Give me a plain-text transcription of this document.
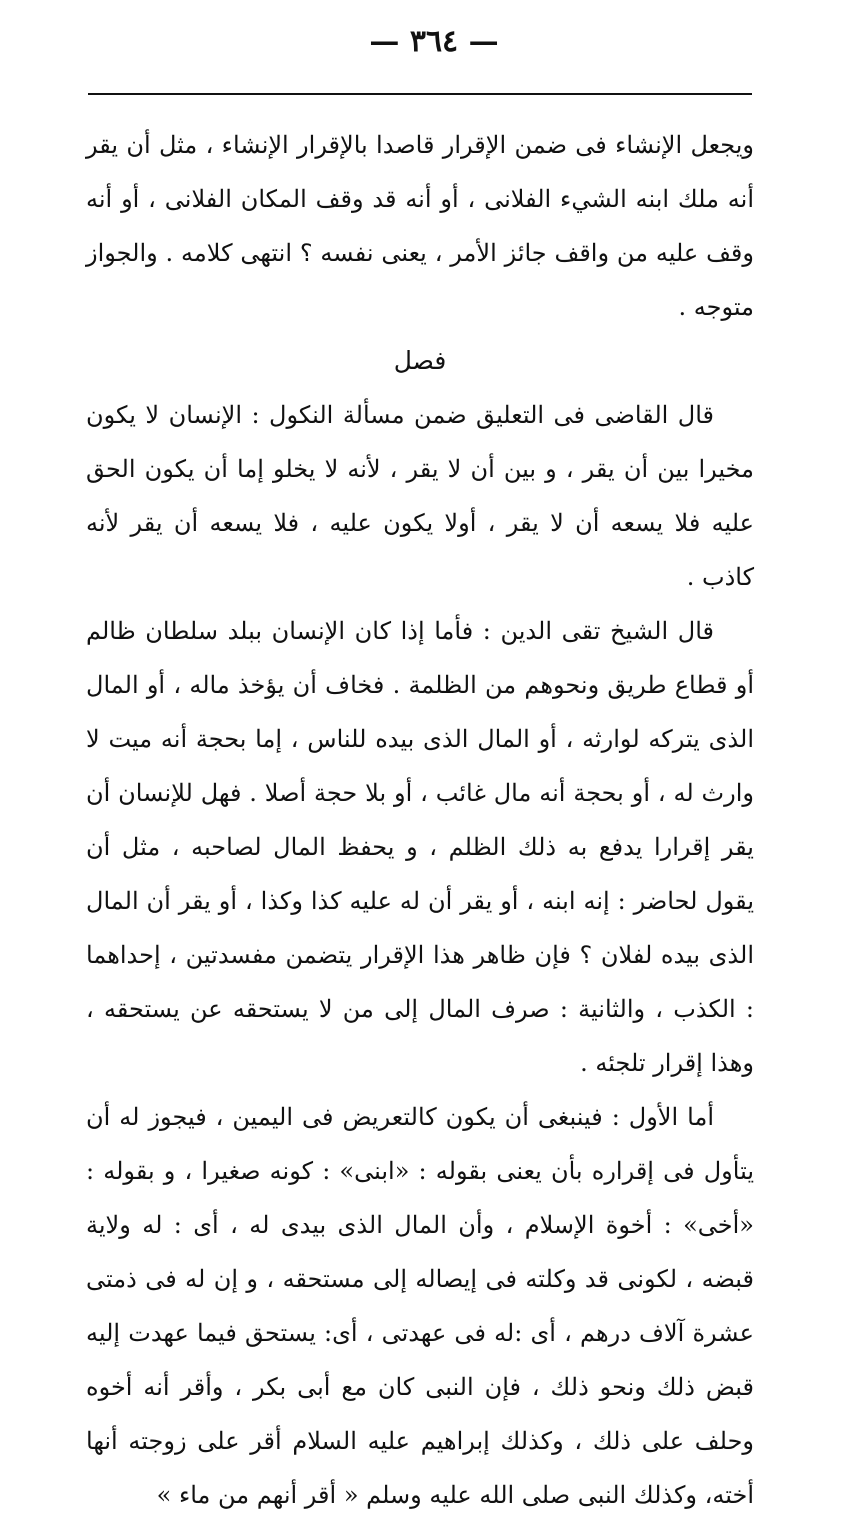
— ٣٦٤ —

ويجعل الإنشاء فى ضمن الإقرار قاصدا بالإقرار الإنشاء ، مثل أن يقر أنه ملك ابنه الشيء الفلانى ، أو أنه قد وقف المكان الفلانى ، أو أنه وقف عليه من واقف جائز الأمر ، يعنى نفسه ؟ انتهى كلامه . والجواز متوجه .

فصل

قال القاضى فى التعليق ضمن مسألة النكول : الإنسان لا يكون مخيرا بين أن يقر ، و بين أن لا يقر ، لأنه لا يخلو إما أن يكون الحق عليه فلا يسعه أن لا يقر ، أولا يكون عليه ، فلا يسعه أن يقر لأنه كاذب .

قال الشيخ تقى الدين : فأما إذا كان الإنسان ببلد سلطان ظالم أو قطاع طريق ونحوهم من الظلمة . فخاف أن يؤخذ ماله ، أو المال الذى يتركه لوارثه ، أو المال الذى بيده للناس ، إما بحجة أنه ميت لا وارث له ، أو بحجة أنه مال غائب ، أو بلا حجة أصلا . فهل للإنسان أن يقر إقرارا يدفع به ذلك الظلم ، و يحفظ المال لصاحبه ، مثل أن يقول لحاضر : إنه ابنه ، أو يقر أن له عليه كذا وكذا ، أو يقر أن المال الذى بيده لفلان ؟ فإن ظاهر هذا الإقرار يتضمن مفسدتين ، إحداهما : الكذب ، والثانية : صرف المال إلى من لا يستحقه عن يستحقه ، وهذا إقرار تلجئه .

أما الأول : فينبغى أن يكون كالتعريض فى اليمين ، فيجوز له أن يتأول فى إقراره بأن يعنى بقوله : «ابنى» : كونه صغيرا ، و بقوله : «أخى» : أخوة الإسلام ، وأن المال الذى بيدى له ، أى : له ولاية قبضه ، لكونى قد وكلته فى إيصاله إلى مستحقه ، و إن له فى ذمتى عشرة آلاف درهم ، أى :له فى عهدتى ، أى: يستحق فيما عهدت إليه قبض ذلك ونحو ذلك ، فإن النبى كان مع أبى بكر ، وأقر أنه أخوه وحلف على ذلك ، وكذلك إبراهيم عليه السلام أقر على زوجته أنها أخته، وكذلك النبى صلى الله عليه وسلم « أقر أنهم من ماء »
